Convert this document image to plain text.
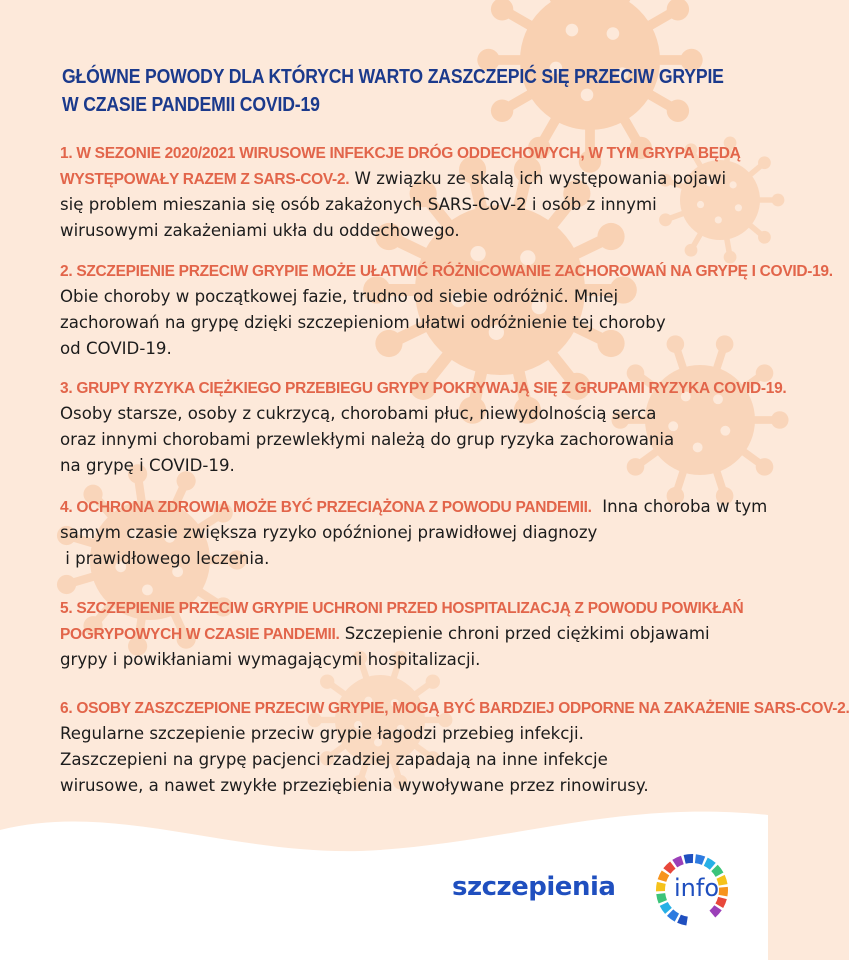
GŁÓWNE POWODY DLA KTÓRYCH WARTO ZASZCZEPIĆ SIĘ PRZECIW GRYPIE
W CZASIE PANDEMII COVID-19
1. W SEZONIE 2020/2021 WIRUSOWE INFEKCJE DRÓG ODDECHOWYCH, W TYM GRYPA BĘDĄ
WYSTĘPOWAŁY RAZEM Z SARS-COV-2. W związku ze skalą ich występowania pojawi
się problem mieszania się osób zakażonych SARS-CoV-2 i osób z innymi
wirusowymi zakażeniami ukła du oddechowego.
2. SZCZEPIENIE PRZECIW GRYPIE MOŻE UŁATWIĆ RÓŻNICOWANIE ZACHOROWAŃ NA GRYPĘ I COVID-19.
Obie choroby w początkowej fazie, trudno od siebie odróżnić. Mniej
zachorowań na grypę dzięki szczepieniom ułatwi odróżnienie tej choroby
od COVID-19.
3. GRUPY RYZYKA CIĘŻKIEGO PRZEBIEGU GRYPY POKRYWAJĄ SIĘ Z GRUPAMI RYZYKA COVID-19.
Osoby starsze, osoby z cukrzycą, chorobami płuc, niewydolnością serca
oraz innymi chorobami przewlekłymi należą do grup ryzyka zachorowania
na grypę i COVID-19.
4. OCHRONA ZDROWIA MOŻE BYĆ PRZECIĄŻONA Z POWODU PANDEMII.  Inna choroba w tym
samym czasie zwiększa ryzyko opóźnionej prawidłowej diagnozy
i prawidłowego leczenia.
5. SZCZEPIENIE PRZECIW GRYPIE UCHRONI PRZED HOSPITALIZACJĄ Z POWODU POWIKŁAŃ
POGRYPOWYCH W CZASIE PANDEMII. Szczepienie chroni przed ciężkimi objawami
grypy i powikłaniami wymagającymi hospitalizacji.
6. OSOBY ZASZCZEPIONE PRZECIW GRYPIE, MOGĄ BYĆ BARDZIEJ ODPORNE NA ZAKAŻENIE SARS-COV-2.
Regularne szczepienie przeciw grypie łagodzi przebieg infekcji.
Zaszczepieni na grypę pacjenci rzadziej zapadają na inne infekcje
wirusowe, a nawet zwykłe przeziębienia wywoływane przez rinowirusy.
szczepienia info
